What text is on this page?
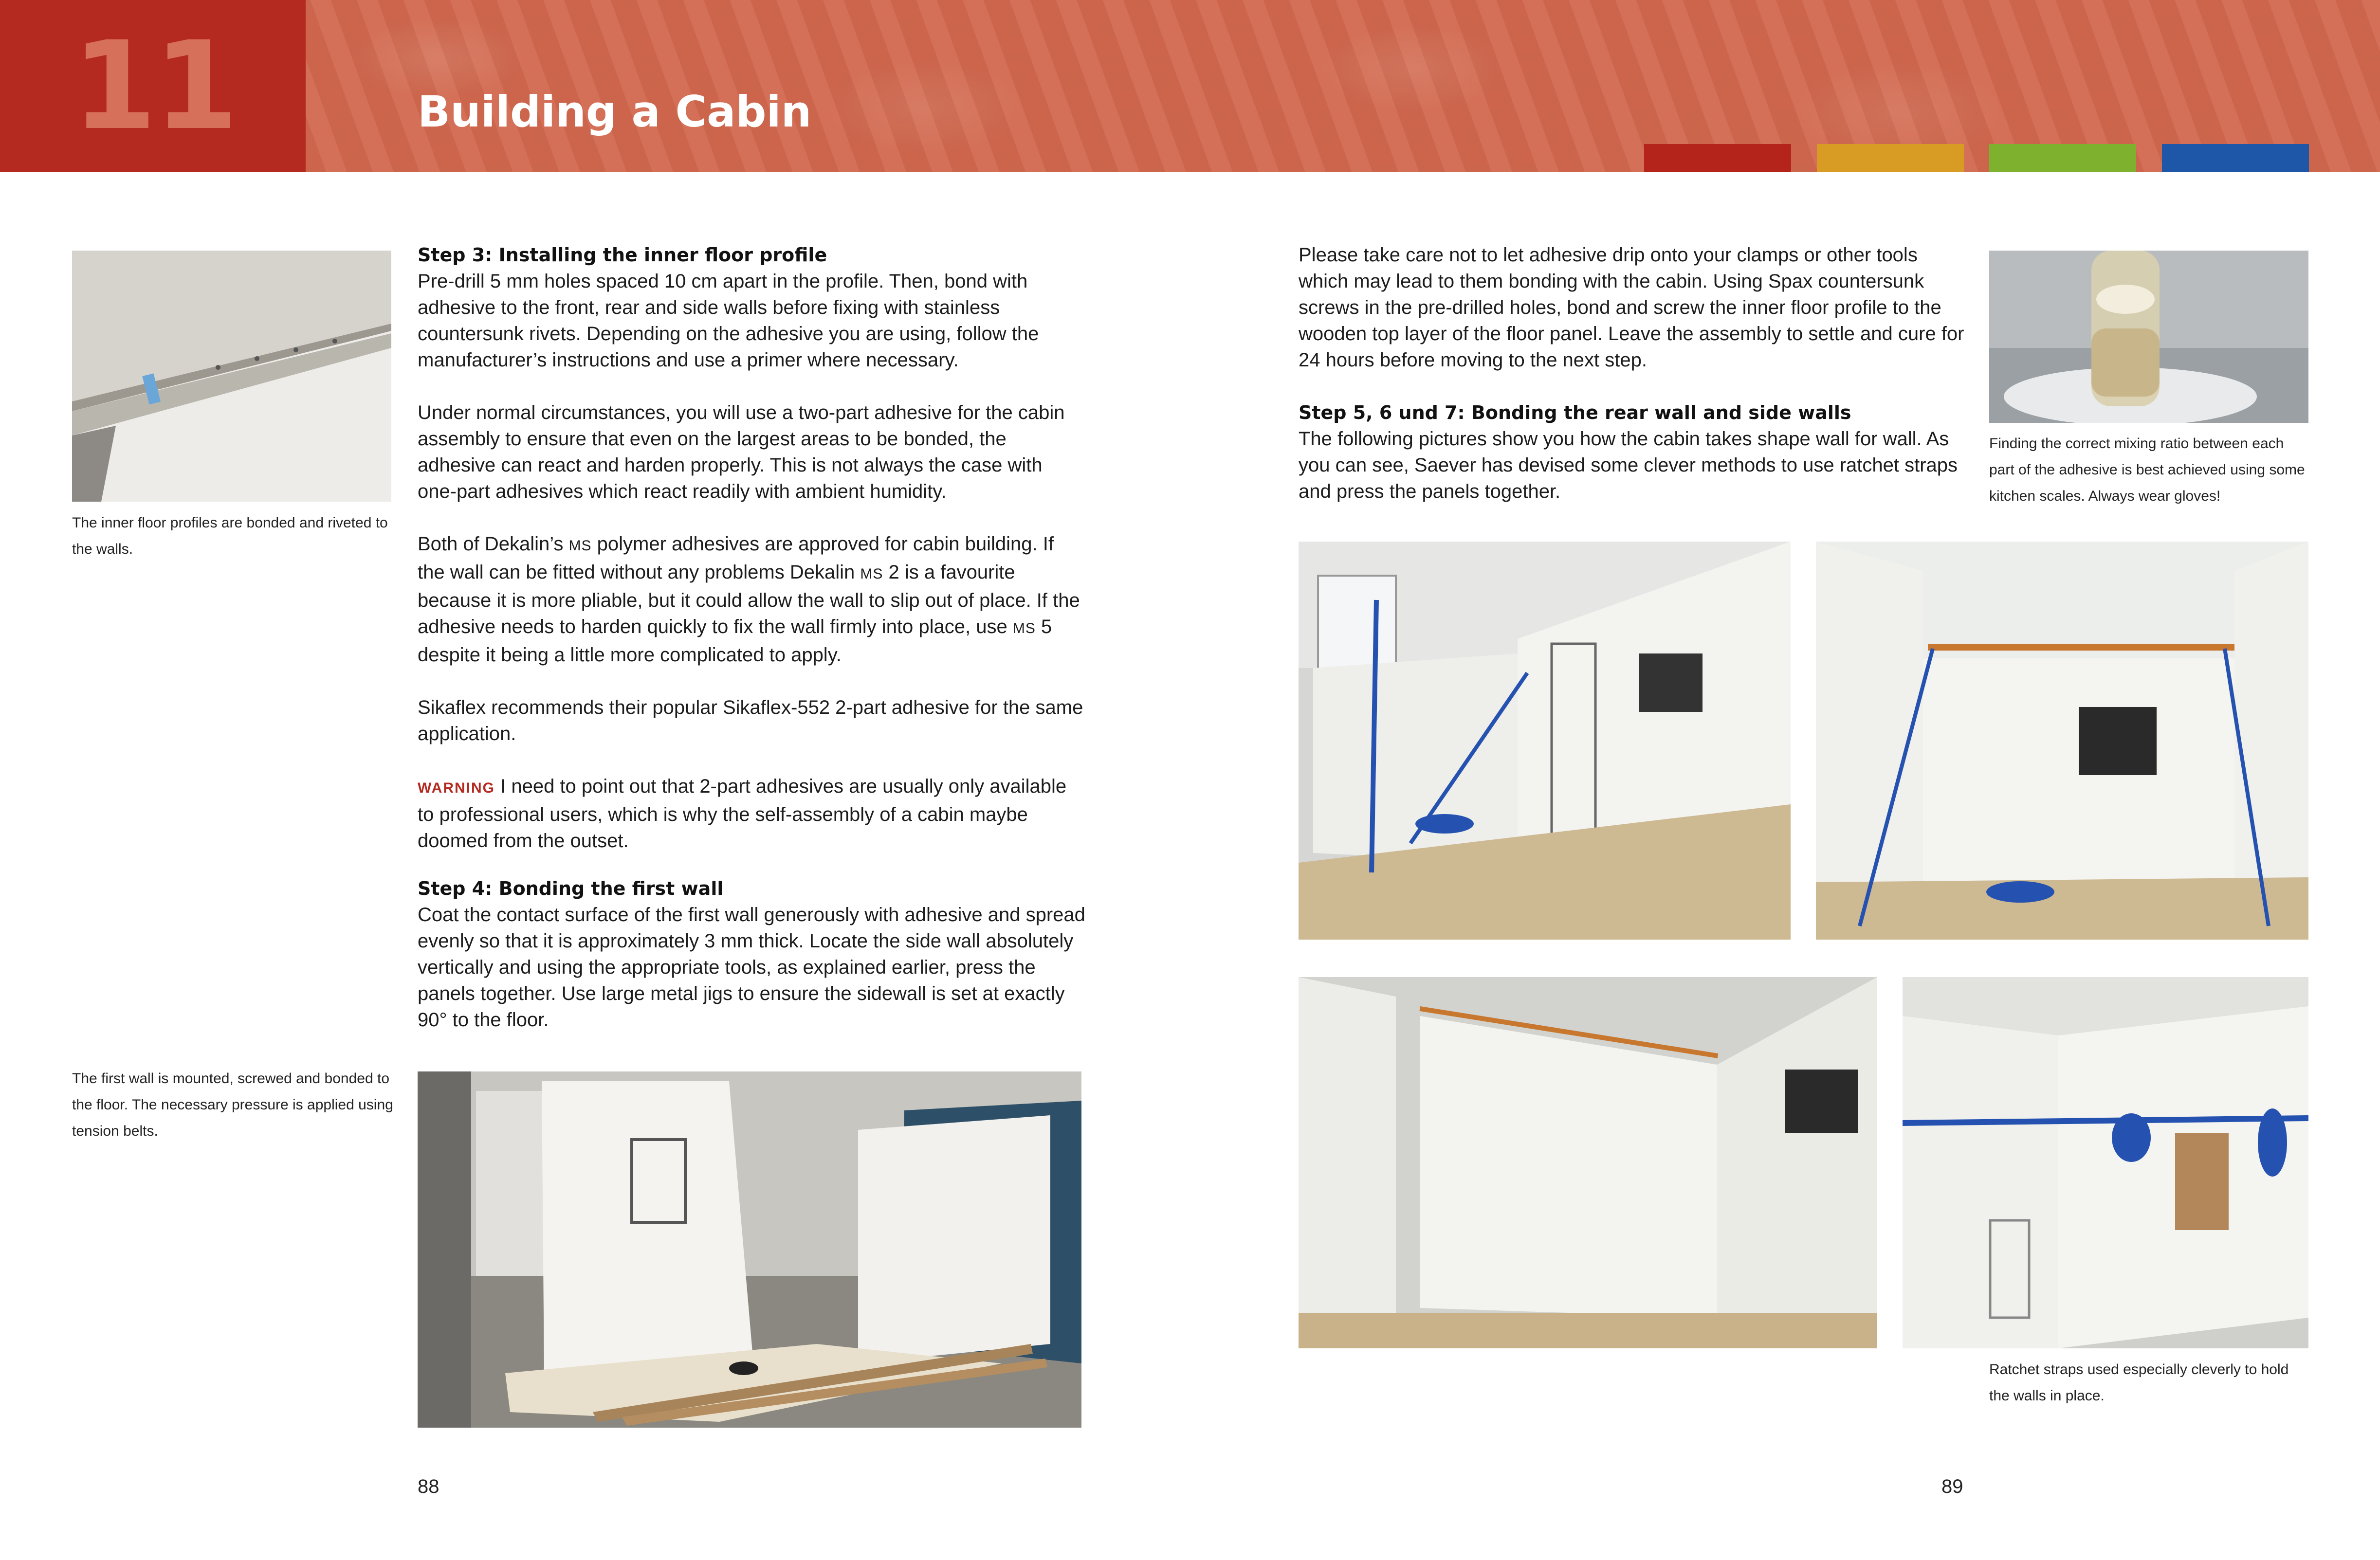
11	Building a Cabin
The inner floor profiles are bonded and riveted to the walls.
Step 3: Installing the inner floor profile

Pre-drill 5 mm holes spaced 10 cm apart in the profile. Then, bond with adhesive to the front, rear and side walls before fixing with stainless countersunk rivets. Depending on the adhesive you are using, follow the manufacturer’s instructions and use a primer where necessary.

Under normal circumstances, you will use a two-part adhesive for the cabin assembly to ensure that even on the largest areas to be bonded, the adhesive can react and harden properly. This is not always the case with one-part adhesives which react readily with ambient humidity.

Both of Dekalin’s MS polymer adhesives are approved for cabin building. If the wall can be fitted without any problems Dekalin MS 2 is a favourite because it is more pliable, but it could allow the wall to slip out of place. If the adhesive needs to harden quickly to fix the wall firmly into place, use MS 5 despite it being a little more complicated to apply.

Sikaflex recommends their popular Sikaflex-552 2-part adhesive for the same application.

WARNING I need to point out that 2-part adhesives are usually only available to professional users, which is why the self-assembly of a cabin maybe doomed from the outset.

Step 4: Bonding the first wall

Coat the contact surface of the first wall generously with adhesive and spread evenly so that it is approximately 3 mm thick. Locate the side wall absolutely vertically and using the appropriate tools, as explained earlier, press the panels together. Use large metal jigs to ensure the sidewall is set at exactly 90° to the floor.

The first wall is mounted, screwed and bonded to the floor. The necessary pressure is applied using tension belts.
88

Please take care not to let adhesive drip onto your clamps or other tools which may lead to them bonding with the cabin. Using Spax countersunk screws in the pre-drilled holes, bond and screw the inner floor profile to the wooden top layer of the floor panel. Leave the assembly to settle and cure for 24 hours before moving to the next step.

Step 5, 6 und 7: Bonding the rear wall and side walls

The following pictures show you how the cabin takes shape wall for wall. As you can see, Saever has devised some clever methods to use ratchet straps and press the panels together.

Finding the correct mixing ratio between each part of the adhesive is best achieved using some kitchen scales. Always wear gloves!
Ratchet straps used especially cleverly to hold the walls in place.
89
